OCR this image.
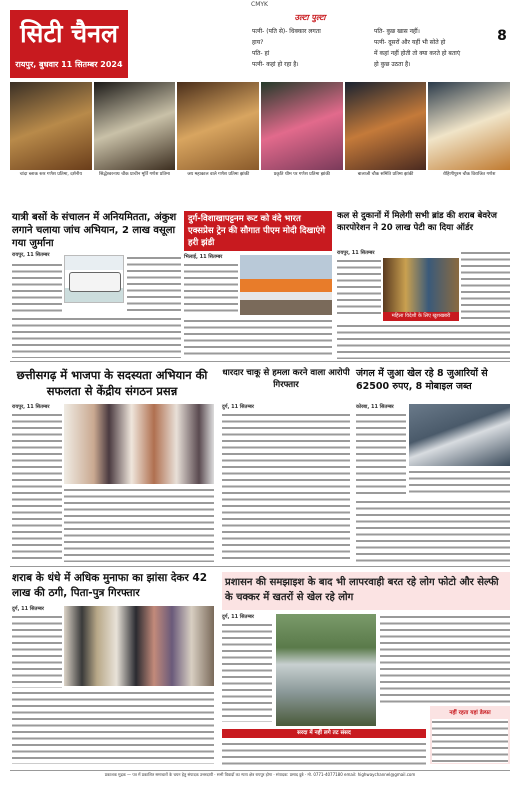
CMYK
सिटी चैनल
रायपुर, बुधवार 11 सितम्बर 2024
उल्टा पुल्टा
पत्नी- (पति से)- धिक्कार लगता
हाय?
पति- हां
पत्नी- कहां हो रहा है।
पति- कुछ खास नहीं।
पत्नी- दूसरों और यहीं भी सोते हो
में कहां नहीं होती तो क्या करते हो बताएं
हो कुछ उठता है।
8
चांदा ब्लाक स्तर गणेश प्रतिमा, दर्शनीय	सिद्धेश्वरनाथ चौक प्राचीन मूर्ति गणेश प्रतिमा	जय महाकाल वाले गणेश प्रतिमा झांकी	प्रकृति थीम पर गणेश प्रतिमा झांकी	बालाजी चौक समिति प्रतिमा झांकी	रोहिणीपुरम चौक विराजित गणेश
यात्री बसों के संचालन में अनियमितता, अंकुश लगाने चलाया जांच अभियान, 2 लाख वसूला गया जुर्माना
रायपुर, 11 सितम्बर
दुर्ग-विशाखापट्टनम रूट को वंदे भारत एक्सप्रेस ट्रेन की सौगात पीएम मोदी दिखाएंगे हरी झंडी
भिलाई, 11 सितम्बर
कल से दुकानों में मिलेगी सभी ब्रांड की शराब बेवरेज कारपोरेशन ने 20 लाख पेटी का दिया ऑर्डर
रायपुर, 11 सितम्बर
महिला विदेशी के लिए खुशखबरी
छत्तीसगढ़ में भाजपा के सदस्यता अभियान की सफलता से केंद्रीय संगठन प्रसन्न
रायपुर, 11 सितम्बर
धारदार चाकू से हमला करने वाला आरोपी गिरफ्तार
दुर्ग, 11 सितम्बर
जंगल में जुआ खेल रहे 8 जुआरियों से 62500 रुपए, 8 मोबाइल जब्त
कोरबा, 11 सितम्बर
शराब के धंधे में अधिक मुनाफा का झांसा देकर 42 लाख की ठगी, पिता-पुत्र गिरफ्तार
दुर्ग, 11 सितम्बर
प्रशासन की समझाइश के बाद भी लापरवाही बरत रहे लोग फोटो और सेल्फी के चक्कर में खतरों से खेल रहे लोग
दुर्ग, 11 सितम्बर
नहीं रहता यहां डेल्फ़ा
सरदा में नहीं लगे तट संसद
प्रकाशक मुद्रक — पत्र में प्रकाशित समाचारों के चयन हेतु संपादक उत्तरदायी · सभी विवादों का न्याय क्षेत्र रायपुर होगा · संपादक: प्रसाद दुबे · मो. 0771-4077180 email: highwaychannel@gmail.com
